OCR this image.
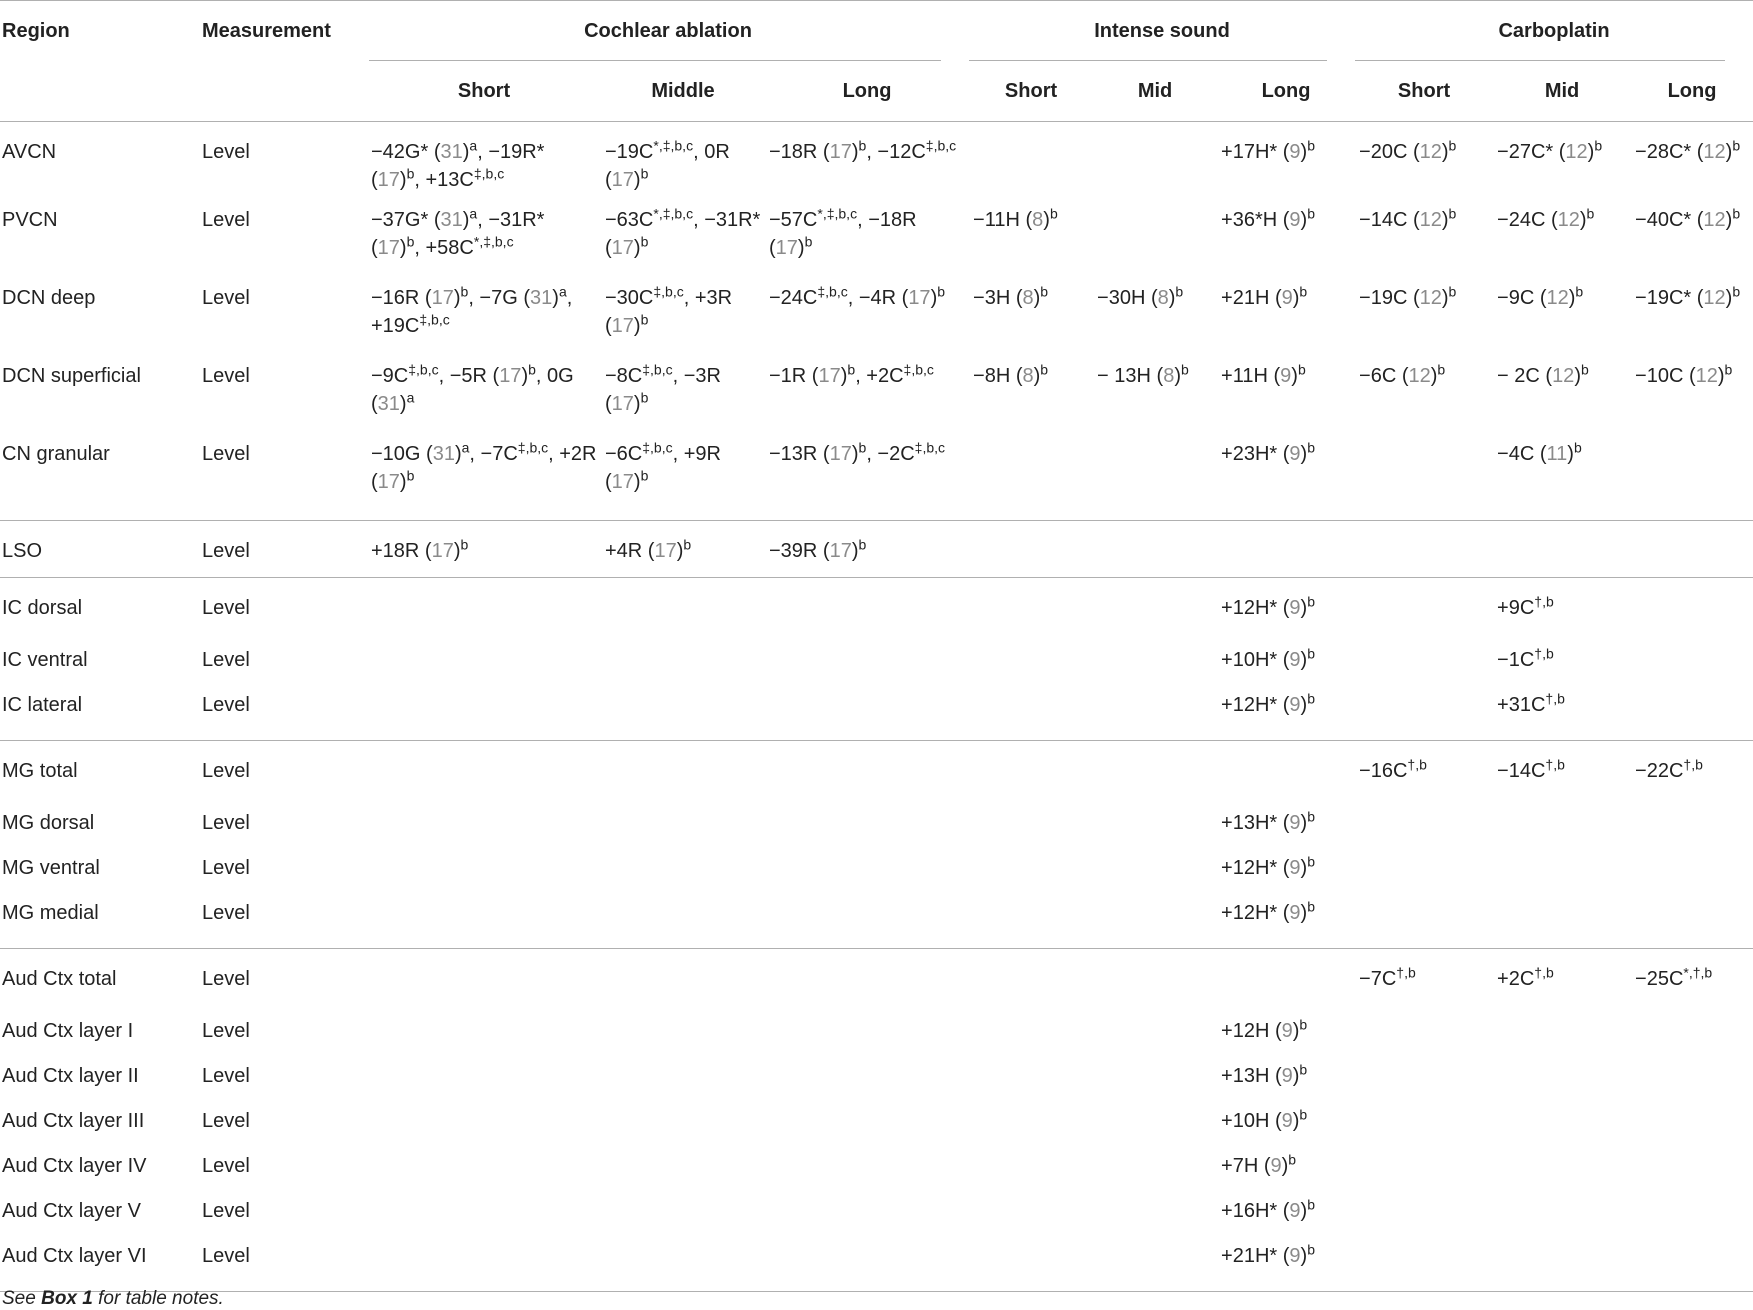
Region	Measurement	Cochlear ablation			Intense sound			Carboplatin		
		Short	Middle	Long	Short	Mid	Long	Short	Mid	Long
AVCN	Level	−42G* $(31)^a$, −19R* $(17)^b$, $+13C^{\ddagger,b,c}$	$-19C^{*,\ddagger,b,c}$, 0R $(17)^b$	−18R $(17)^b$, $-12C^{\ddagger,b,c}$			+17H* $(9)^b$	−20C $(12)^b$	−27C* $(12)^b$	−28C* $(12)^b$
PVCN	Level	−37G* $(31)^a$, −31R* $(17)^b$, $+58C^{*,\ddagger,b,c}$	$-63C^{*,\ddagger,b,c}$, −31R* $(17)^b$	$-57C^{*,\ddagger,b,c}$, −18R $(17)^b$	−11H $(8)^b$		+36*H $(9)^b$	−14C $(12)^b$	−24C $(12)^b$	−40C* $(12)^b$
DCN deep	Level	−16R $(17)^b$, −7G $(31)^a$, $+19C^{\ddagger,b,c}$	$-30C^{\ddagger,b,c}$, +3R $(17)^b$	$-24C^{\ddagger,b,c}$, −4R $(17)^b$	−3H $(8)^b$	−30H $(8)^b$	+21H $(9)^b$	−19C $(12)^b$	−9C $(12)^b$	−19C* $(12)^b$
DCN superficial	Level	$-9C^{\ddagger,b,c}$, −5R $(17)^b$, 0G $(31)^a$	$-8C^{\ddagger,b,c}$, −3R $(17)^b$	−1R $(17)^b$, $+2C^{\ddagger,b,c}$	−8H $(8)^b$	− 13H $(8)^b$	+11H $(9)^b$	−6C $(12)^b$	− 2C $(12)^b$	−10C $(12)^b$
CN granular	Level	−10G $(31)^a$, $-7C^{\ddagger,b,c}$, +2R $(17)^b$	$-6C^{\ddagger,b,c}$, +9R $(17)^b$	−13R $(17)^b$, $-2C^{\ddagger,b,c}$			+23H* $(9)^b$		−4C $(11)^b$	
LSO	Level	+18R $(17)^b$	+4R $(17)^b$	−39R $(17)^b$						
IC dorsal	Level						+12H* $(9)^b$		$+9C^{\dagger,b}$	
IC ventral	Level						+10H* $(9)^b$		$-1C^{\dagger,b}$	
IC lateral	Level						+12H* $(9)^b$		$+31C^{\dagger,b}$	
MG total	Level							$-16C^{\dagger,b}$	$-14C^{\dagger,b}$	$-22C^{\dagger,b}$
MG dorsal	Level						+13H* $(9)^b$			
MG ventral	Level						+12H* $(9)^b$			
MG medial	Level						+12H* $(9)^b$			
Aud Ctx total	Level							$-7C^{\dagger,b}$	$+2C^{\dagger,b}$	$-25C^{*,\dagger,b}$
Aud Ctx layer I	Level						+12H $(9)^b$			
Aud Ctx layer II	Level						+13H $(9)^b$			
Aud Ctx layer III	Level						+10H $(9)^b$			
Aud Ctx layer IV	Level						+7H $(9)^b$			
Aud Ctx layer V	Level						+16H* $(9)^b$			
Aud Ctx layer VI	Level						+21H* $(9)^b$			
See Box 1 for table notes.
